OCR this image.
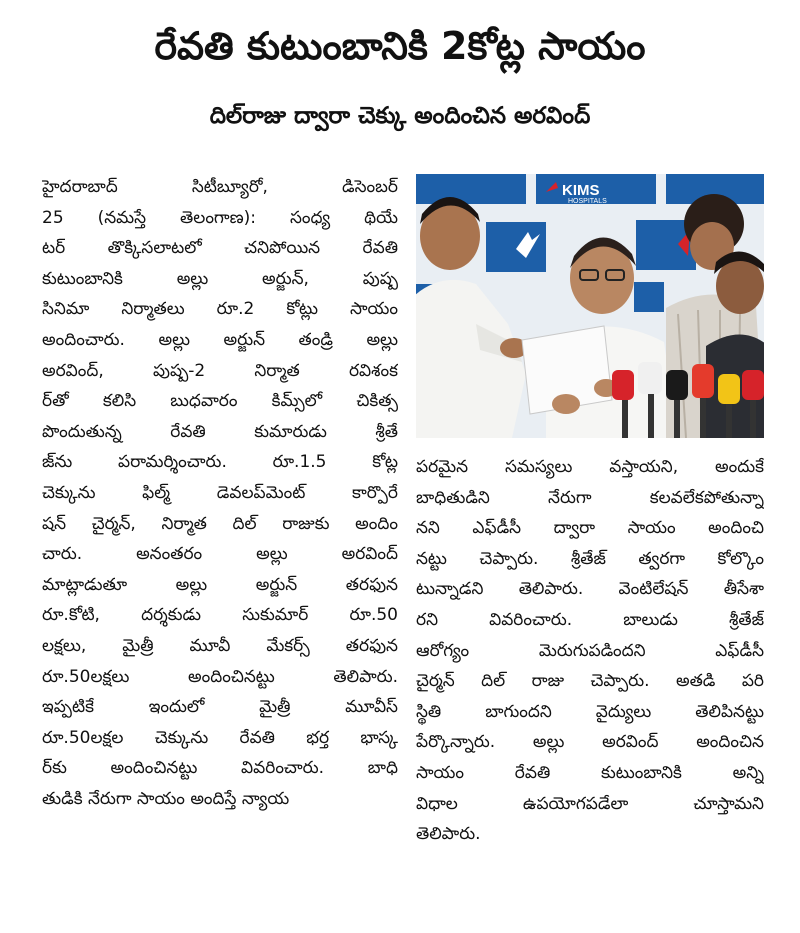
రేవతి కుటుంబానికి 2కోట్ల సాయం
దిల్‌రాజు ద్వారా చెక్కు అందించిన అరవింద్
హైదరాబాద్ సిటీబ్యూరో, డిసెంబర్
25 (నమస్తే తెలంగాణ): సంధ్య థియే
టర్ తొక్కిసలాటలో చనిపోయిన రేవతి
కుటుంబానికి అల్లు అర్జున్, పుష్ప
సినిమా నిర్మాతలు రూ.2 కోట్లు సాయం
అందించారు. అల్లు అర్జున్ తండ్రి అల్లు
అరవింద్, పుష్ప-2 నిర్మాత రవిశంక
ర్‌తో కలిసి బుధవారం కిమ్స్‌లో చికిత్స
పొందుతున్న రేవతి కుమారుడు శ్రీతే
జ్‌ను పరామర్శించారు. రూ.1.5 కోట్ల
చెక్కును ఫిల్మ్ డెవలప్‌మెంట్ కార్పొరే
షన్ చైర్మన్, నిర్మాత దిల్ రాజుకు అందిం
చారు. అనంతరం అల్లు అరవింద్
మాట్లాడుతూ అల్లు అర్జున్ తరఫున
రూ.కోటి, దర్శకుడు సుకుమార్ రూ.50
లక్షలు, మైత్రీ మూవీ మేకర్స్ తరఫున
రూ.50లక్షలు అందించినట్టు తెలిపారు.
ఇప్పటికే ఇందులో మైత్రీ మూవీస్
రూ.50లక్షల చెక్కును రేవతి భర్త భాస్క
ర్‌కు అందించినట్టు వివరించారు. బాధి
తుడికి నేరుగా సాయం అందిస్తే న్యాయ
KIMS
HOSPITALS
పరమైన సమస్యలు వస్తాయని, అందుకే
బాధితుడిని నేరుగా కలవలేకపోతున్నా
నని ఎఫ్‌డీసీ ద్వారా సాయం అందించి
నట్టు చెప్పారు. శ్రీతేజ్ త్వరగా కోల్కొం
టున్నాడని తెలిపారు. వెంటిలేషన్ తీసేశా
రని వివరించారు. బాలుడు శ్రీతేజ్
ఆరోగ్యం మెరుగుపడిందని ఎఫ్‌డీసీ
చైర్మన్ దిల్ రాజు చెప్పారు. అతడి పరి
స్థితి బాగుందని వైద్యులు తెలిపినట్టు
పేర్కొన్నారు. అల్లు అరవింద్ అందించిన
సాయం రేవతి కుటుంబానికి అన్ని
విధాల ఉపయోగపడేలా చూస్తామని
తెలిపారు.
